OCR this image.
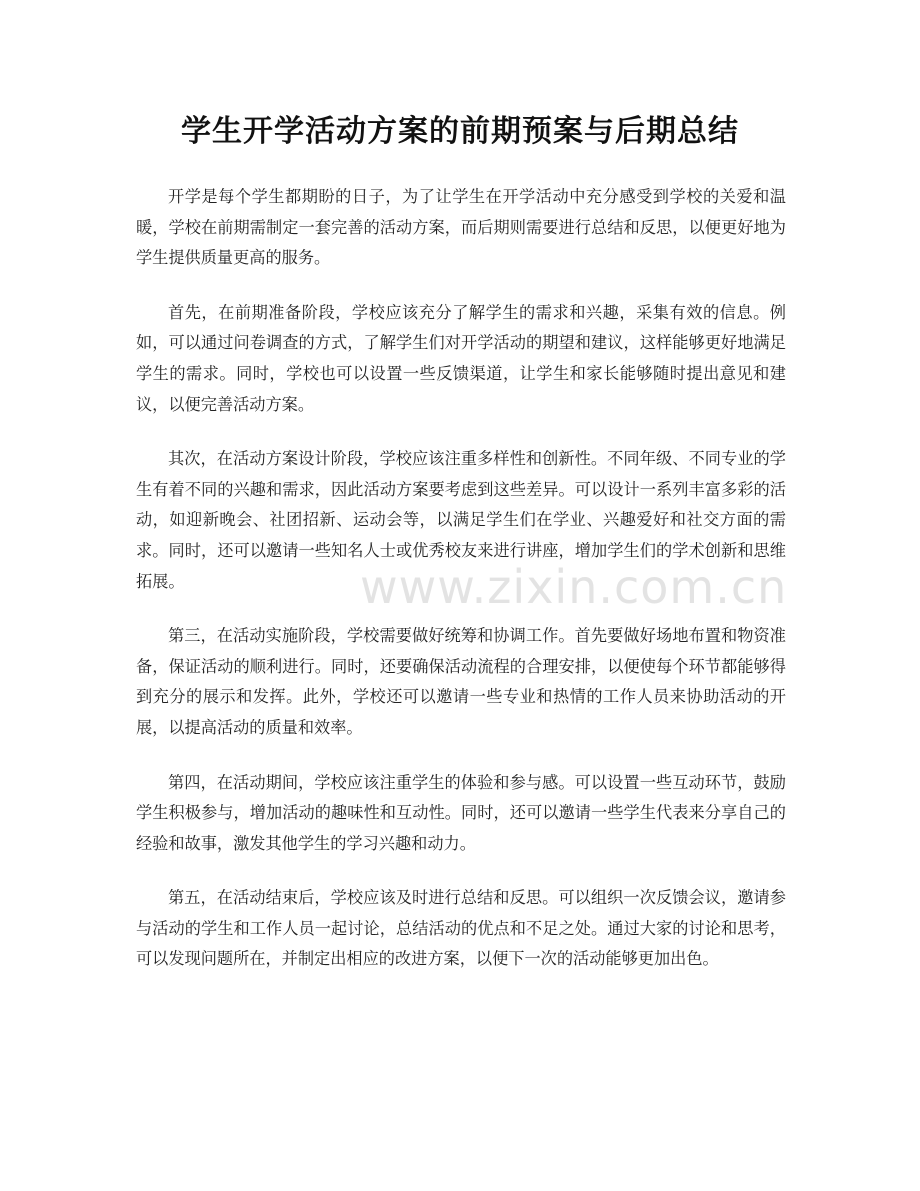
学生开学活动方案的前期预案与后期总结
www.zixin.com.cn

开学是每个学生都期盼的日子，为了让学生在开学活动中充分感受到学校的关爱和温暖，学校在前期需制定一套完善的活动方案，而后期则需要进行总结和反思，以便更好地为学生提供质量更高的服务。

首先，在前期准备阶段，学校应该充分了解学生的需求和兴趣，采集有效的信息。例如，可以通过问卷调查的方式，了解学生们对开学活动的期望和建议，这样能够更好地满足学生的需求。同时，学校也可以设置一些反馈渠道，让学生和家长能够随时提出意见和建议，以便完善活动方案。

其次，在活动方案设计阶段，学校应该注重多样性和创新性。不同年级、不同专业的学生有着不同的兴趣和需求，因此活动方案要考虑到这些差异。可以设计一系列丰富多彩的活动，如迎新晚会、社团招新、运动会等，以满足学生们在学业、兴趣爱好和社交方面的需求。同时，还可以邀请一些知名人士或优秀校友来进行讲座，增加学生们的学术创新和思维拓展。

第三，在活动实施阶段，学校需要做好统筹和协调工作。首先要做好场地布置和物资准备，保证活动的顺利进行。同时，还要确保活动流程的合理安排，以便使每个环节都能够得到充分的展示和发挥。此外，学校还可以邀请一些专业和热情的工作人员来协助活动的开展，以提高活动的质量和效率。

第四，在活动期间，学校应该注重学生的体验和参与感。可以设置一些互动环节，鼓励学生积极参与，增加活动的趣味性和互动性。同时，还可以邀请一些学生代表来分享自己的经验和故事，激发其他学生的学习兴趣和动力。

第五，在活动结束后，学校应该及时进行总结和反思。可以组织一次反馈会议，邀请参与活动的学生和工作人员一起讨论，总结活动的优点和不足之处。通过大家的讨论和思考，可以发现问题所在，并制定出相应的改进方案，以便下一次的活动能够更加出色。
